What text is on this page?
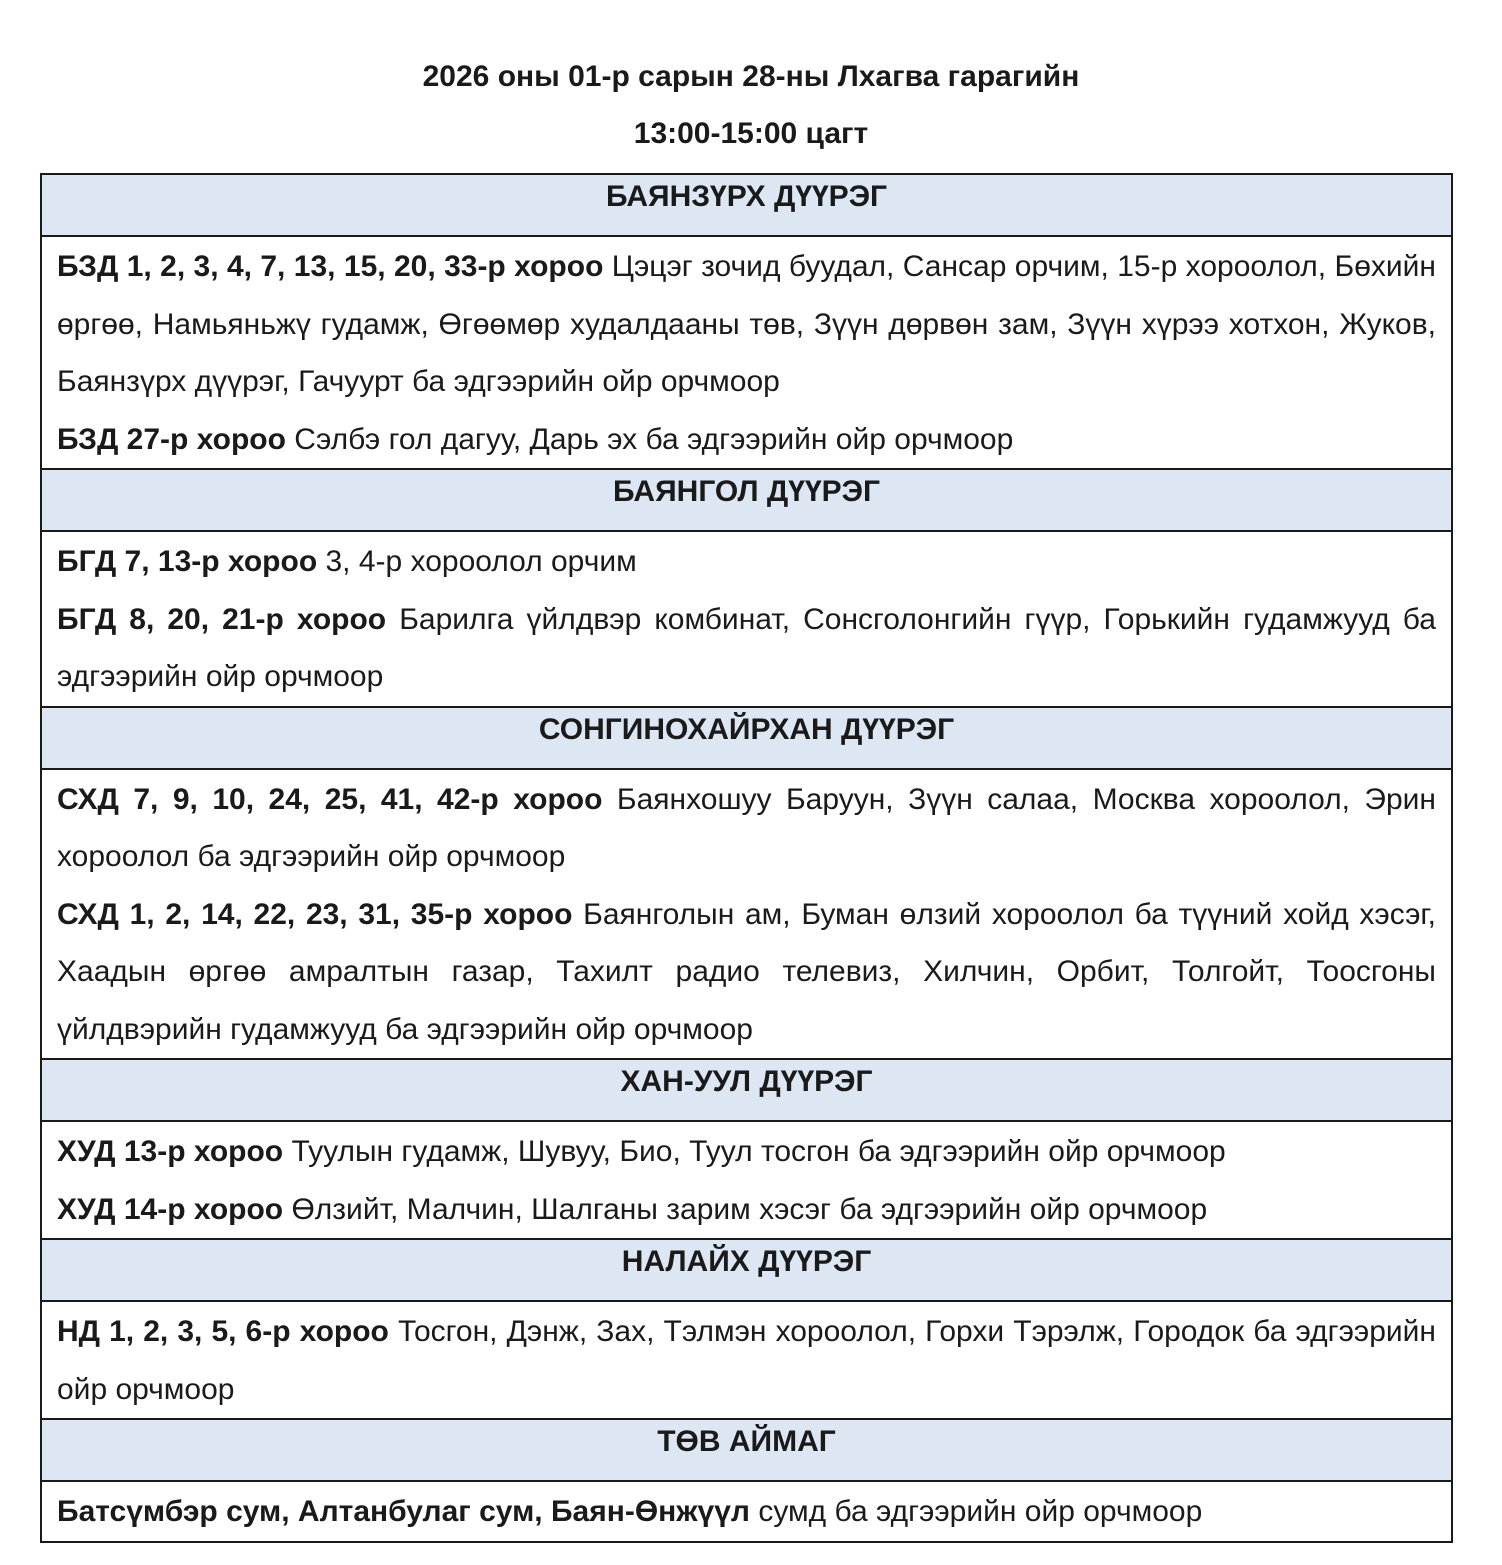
2026 оны 01-р сарын 28-ны Лхагва гарагийн
13:00-15:00 цагт
БАЯНЗҮРХ ДҮҮРЭГ

БЗД 1, 2, 3, 4, 7, 13, 15, 20, 33-р хороо Цэцэг зочид буудал, Сансар орчим, 15-р хороолол, Бөхийн өргөө, Намьяньжү гудамж, Өгөөмөр худалдааны төв, Зүүн дөрвөн зам, Зүүн хүрээ хотхон, Жуков, Баянзүрх дүүрэг, Гачуурт ба эдгээрийн ойр орчмоор

БЗД 27-р хороо Сэлбэ гол дагуу, Дарь эх ба эдгээрийн ойр орчмоор

БАЯНГОЛ ДҮҮРЭГ

БГД 7, 13-р хороо 3, 4-р хороолол орчим

БГД 8, 20, 21-р хороо Барилга үйлдвэр комбинат, Сонсголонгийн гүүр, Горькийн гудамжууд ба эдгээрийн ойр орчмоор

СОНГИНОХАЙРХАН ДҮҮРЭГ

СХД 7, 9, 10, 24, 25, 41, 42-р хороо Баянхошуу Баруун, Зүүн салаа, Москва хороолол, Эрин хороолол ба эдгээрийн ойр орчмоор

СХД 1, 2, 14, 22, 23, 31, 35-р хороо Баянголын ам, Буман өлзий хороолол ба түүний хойд хэсэг, Хаадын өргөө амралтын газар, Тахилт радио телевиз, Хилчин, Орбит, Толгойт, Тоосгоны үйлдвэрийн гудамжууд ба эдгээрийн ойр орчмоор

ХАН-УУЛ ДҮҮРЭГ

ХУД 13-р хороо Туулын гудамж, Шувуу, Био, Туул тосгон ба эдгээрийн ойр орчмоор

ХУД 14-р хороо Өлзийт, Малчин, Шалганы зарим хэсэг ба эдгээрийн ойр орчмоор

НАЛАЙХ ДҮҮРЭГ

НД 1, 2, 3, 5, 6-р хороо Тосгон, Дэнж, Зах, Тэлмэн хороолол, Горхи Тэрэлж, Городок ба эдгээрийн ойр орчмоор

ТӨВ АЙМАГ

Батсүмбэр сум, Алтанбулаг сум, Баян-Өнжүүл сумд ба эдгээрийн ойр орчмоор
